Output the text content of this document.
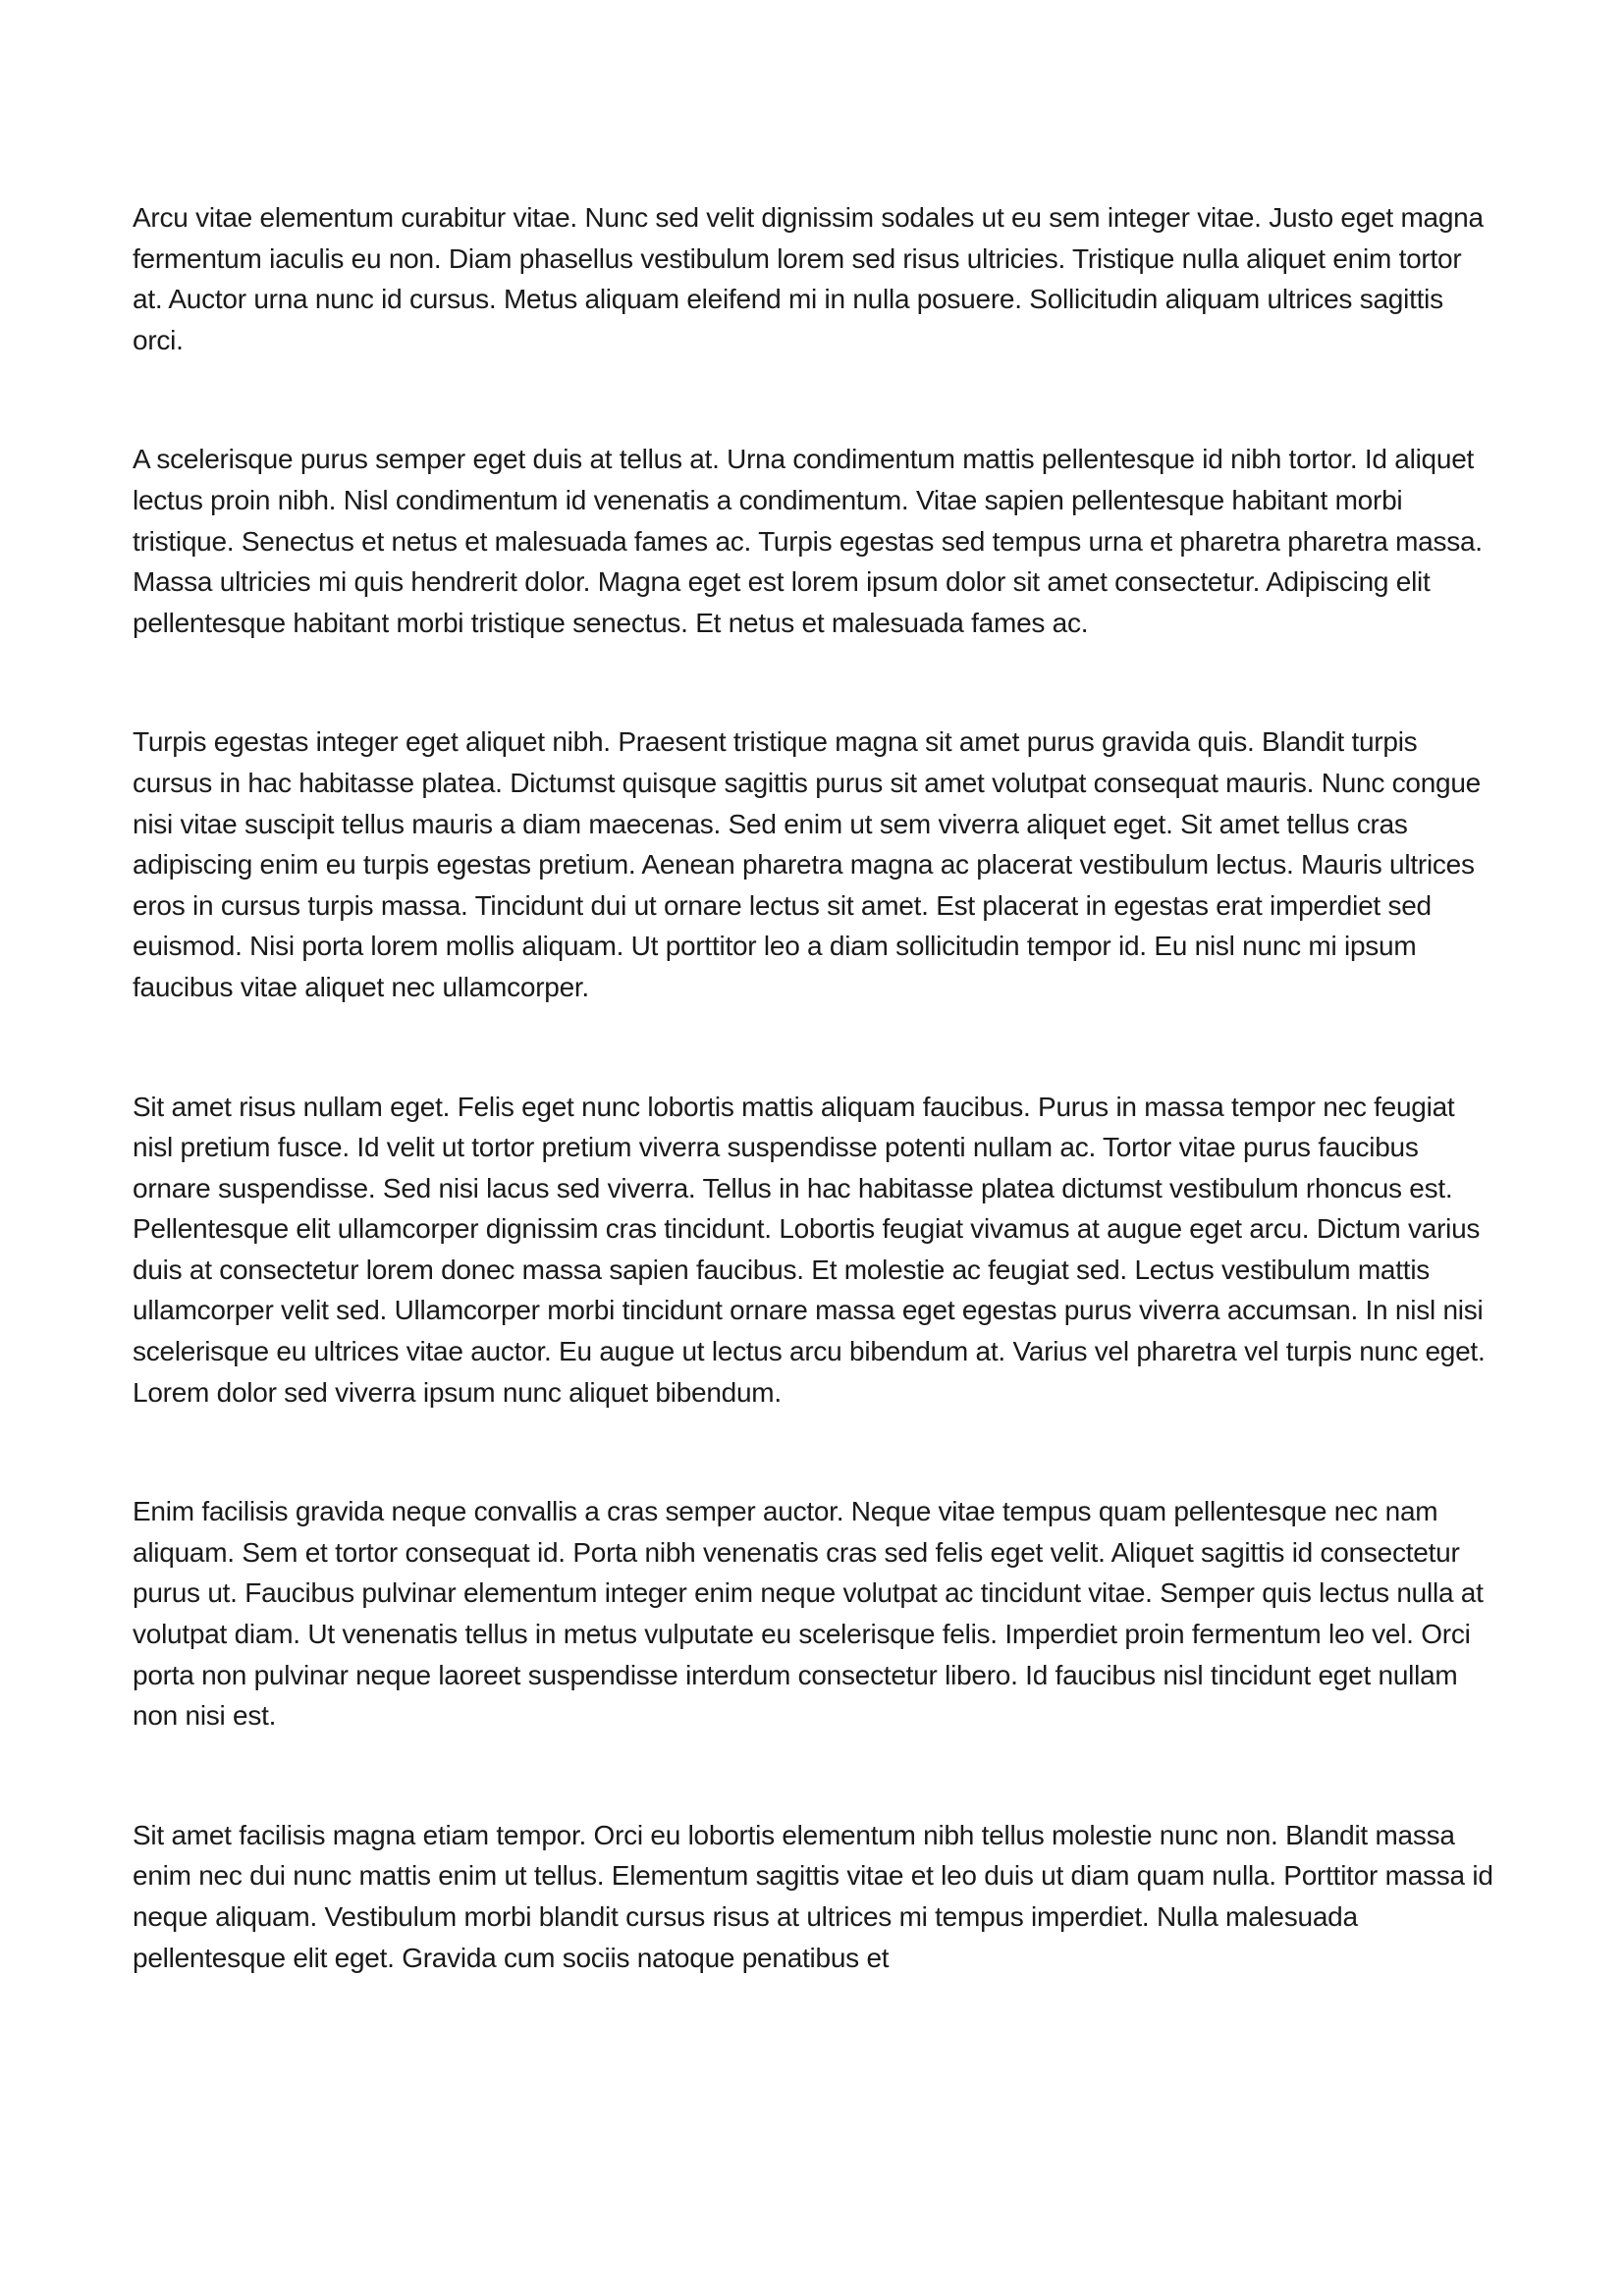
Arcu vitae elementum curabitur vitae. Nunc sed velit dignissim sodales ut eu sem integer vitae. Justo eget magna fermentum iaculis eu non. Diam phasellus vestibulum lorem sed risus ultricies. Tristique nulla aliquet enim tortor at. Auctor urna nunc id cursus. Metus aliquam eleifend mi in nulla posuere. Sollicitudin aliquam ultrices sagittis orci.

A scelerisque purus semper eget duis at tellus at. Urna condimentum mattis pellentesque id nibh tortor. Id aliquet lectus proin nibh. Nisl condimentum id venenatis a condimentum. Vitae sapien pellentesque habitant morbi tristique. Senectus et netus et malesuada fames ac. Turpis egestas sed tempus urna et pharetra pharetra massa. Massa ultricies mi quis hendrerit dolor. Magna eget est lorem ipsum dolor sit amet consectetur. Adipiscing elit pellentesque habitant morbi tristique senectus. Et netus et malesuada fames ac.

Turpis egestas integer eget aliquet nibh. Praesent tristique magna sit amet purus gravida quis. Blandit turpis cursus in hac habitasse platea. Dictumst quisque sagittis purus sit amet volutpat consequat mauris. Nunc congue nisi vitae suscipit tellus mauris a diam maecenas. Sed enim ut sem viverra aliquet eget. Sit amet tellus cras adipiscing enim eu turpis egestas pretium. Aenean pharetra magna ac placerat vestibulum lectus. Mauris ultrices eros in cursus turpis massa. Tincidunt dui ut ornare lectus sit amet. Est placerat in egestas erat imperdiet sed euismod. Nisi porta lorem mollis aliquam. Ut porttitor leo a diam sollicitudin tempor id. Eu nisl nunc mi ipsum faucibus vitae aliquet nec ullamcorper.

Sit amet risus nullam eget. Felis eget nunc lobortis mattis aliquam faucibus. Purus in massa tempor nec feugiat nisl pretium fusce. Id velit ut tortor pretium viverra suspendisse potenti nullam ac. Tortor vitae purus faucibus ornare suspendisse. Sed nisi lacus sed viverra. Tellus in hac habitasse platea dictumst vestibulum rhoncus est. Pellentesque elit ullamcorper dignissim cras tincidunt. Lobortis feugiat vivamus at augue eget arcu. Dictum varius duis at consectetur lorem donec massa sapien faucibus. Et molestie ac feugiat sed. Lectus vestibulum mattis ullamcorper velit sed. Ullamcorper morbi tincidunt ornare massa eget egestas purus viverra accumsan. In nisl nisi scelerisque eu ultrices vitae auctor. Eu augue ut lectus arcu bibendum at. Varius vel pharetra vel turpis nunc eget. Lorem dolor sed viverra ipsum nunc aliquet bibendum.

Enim facilisis gravida neque convallis a cras semper auctor. Neque vitae tempus quam pellentesque nec nam aliquam. Sem et tortor consequat id. Porta nibh venenatis cras sed felis eget velit. Aliquet sagittis id consectetur purus ut. Faucibus pulvinar elementum integer enim neque volutpat ac tincidunt vitae. Semper quis lectus nulla at volutpat diam. Ut venenatis tellus in metus vulputate eu scelerisque felis. Imperdiet proin fermentum leo vel. Orci porta non pulvinar neque laoreet suspendisse interdum consectetur libero. Id faucibus nisl tincidunt eget nullam non nisi est.

Sit amet facilisis magna etiam tempor. Orci eu lobortis elementum nibh tellus molestie nunc non. Blandit massa enim nec dui nunc mattis enim ut tellus. Elementum sagittis vitae et leo duis ut diam quam nulla. Porttitor massa id neque aliquam. Vestibulum morbi blandit cursus risus at ultrices mi tempus imperdiet. Nulla malesuada pellentesque elit eget. Gravida cum sociis natoque penatibus et
